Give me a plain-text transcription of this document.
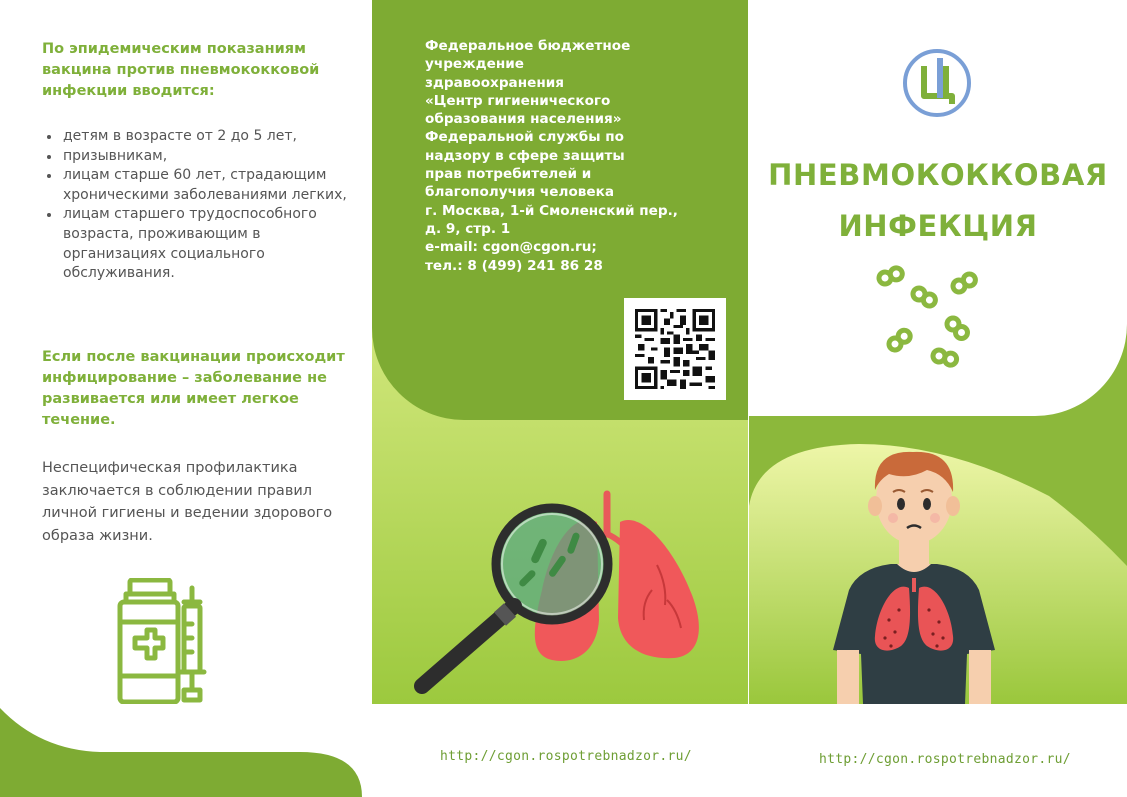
По эпидемическим показаниям вакцина против пневмококковой инфекции вводится:
детям в возрасте от 2 до 5 лет,
призывникам,
лицам старше 60 лет, страдающим хроническими заболеваниями легких,
лицам старшего трудоспособного возраста, проживающим в организациях социального обслуживания.
Если после вакцинации происходит инфицирование – заболевание не развивается или имеет легкое течение.
Неспецифическая профилактика заключается в соблюдении правил личной гигиены и ведении здорового образа жизни.
Федеральное бюджетное
учреждение
здравоохранения
«Центр гигиенического
образования населения»
Федеральной службы по
надзору в сфере защиты
прав потребителей и
благополучия человека
г. Москва, 1-й Смоленский пер.,
д. 9, стр. 1
e-mail: cgon@cgon.ru;
тел.: 8 (499) 241 86 28
ПНЕВМОКОККОВАЯ
ИНФЕКЦИЯ
http://cgon.rospotrebnadzor.ru/	http://cgon.rospotrebnadzor.ru/
